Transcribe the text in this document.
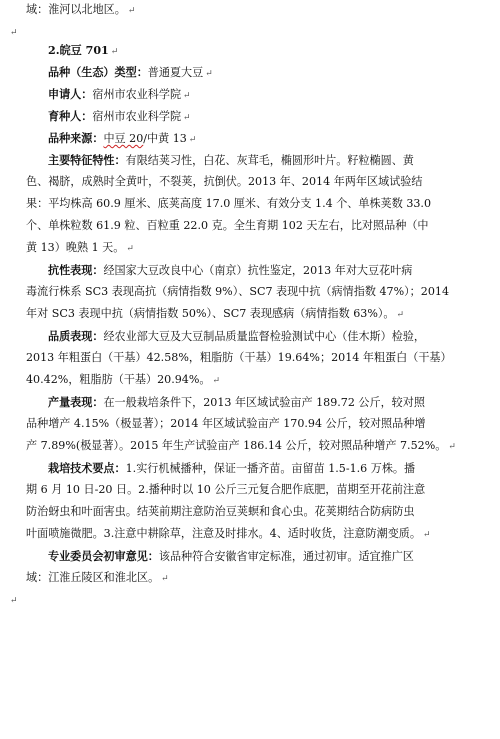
域：淮河以北地区。 ↵
↵
2.皖豆 701 ↵
品种（生态）类型：普通夏大豆 ↵
申请人：宿州市农业科学院 ↵
育种人：宿州市农业科学院 ↵
品种来源：中豆 20/中黄 13 ↵
主要特征特性：有限结荚习性，白花、灰茸毛，椭圆形叶片。籽粒椭圆、黄
色、褐脐，成熟时全黄叶，不裂荚，抗倒伏。2013 年、2014 年两年区域试验结
果：平均株高 60.9 厘米、底荚高度 17.0 厘米、有效分支 1.4 个、单株荚数 33.0
个、单株粒数 61.9 粒、百粒重 22.0 克。全生育期 102 天左右，比对照品种（中
黄 13）晚熟 1 天。 ↵
抗性表现：经国家大豆改良中心（南京）抗性鉴定，2013 年对大豆花叶病
毒流行株系 SC3 表现高抗（病情指数 9%）、SC7 表现中抗（病情指数 47%）；2014
年对 SC3 表现中抗（病情指数 50%）、SC7 表现感病（病情指数 63%）。 ↵
品质表现：经农业部大豆及大豆制品质量监督检验测试中心（佳木斯）检验，
2013 年粗蛋白（干基）42.58%，粗脂肪（干基）19.64%；2014 年粗蛋白（干基）
40.42%，粗脂肪（干基）20.94%。 ↵
产量表现：在一般栽培条件下，2013 年区域试验亩产 189.72 公斤，较对照
品种增产 4.15%（极显著）；2014 年区域试验亩产 170.94 公斤，较对照品种增
产 7.89%(极显著）。2015 年生产试验亩产 186.14 公斤，较对照品种增产 7.52%。 ↵
栽培技术要点：1.实行机械播种，保证一播齐苗。亩留苗 1.5-1.6 万株。播
期 6 月 10 日-20 日。2.播种时以 10 公斤三元复合肥作底肥，苗期至开花前注意
防治蚜虫和叶面害虫。结荚前期注意防治豆荚螟和食心虫。花荚期结合防病防虫
叶面喷施微肥。3.注意中耕除草，注意及时排水。4、适时收货，注意防潮变质。 ↵
专业委员会初审意见：该品种符合安徽省审定标准，通过初审。适宜推广区
域：江淮丘陵区和淮北区。 ↵
↵
